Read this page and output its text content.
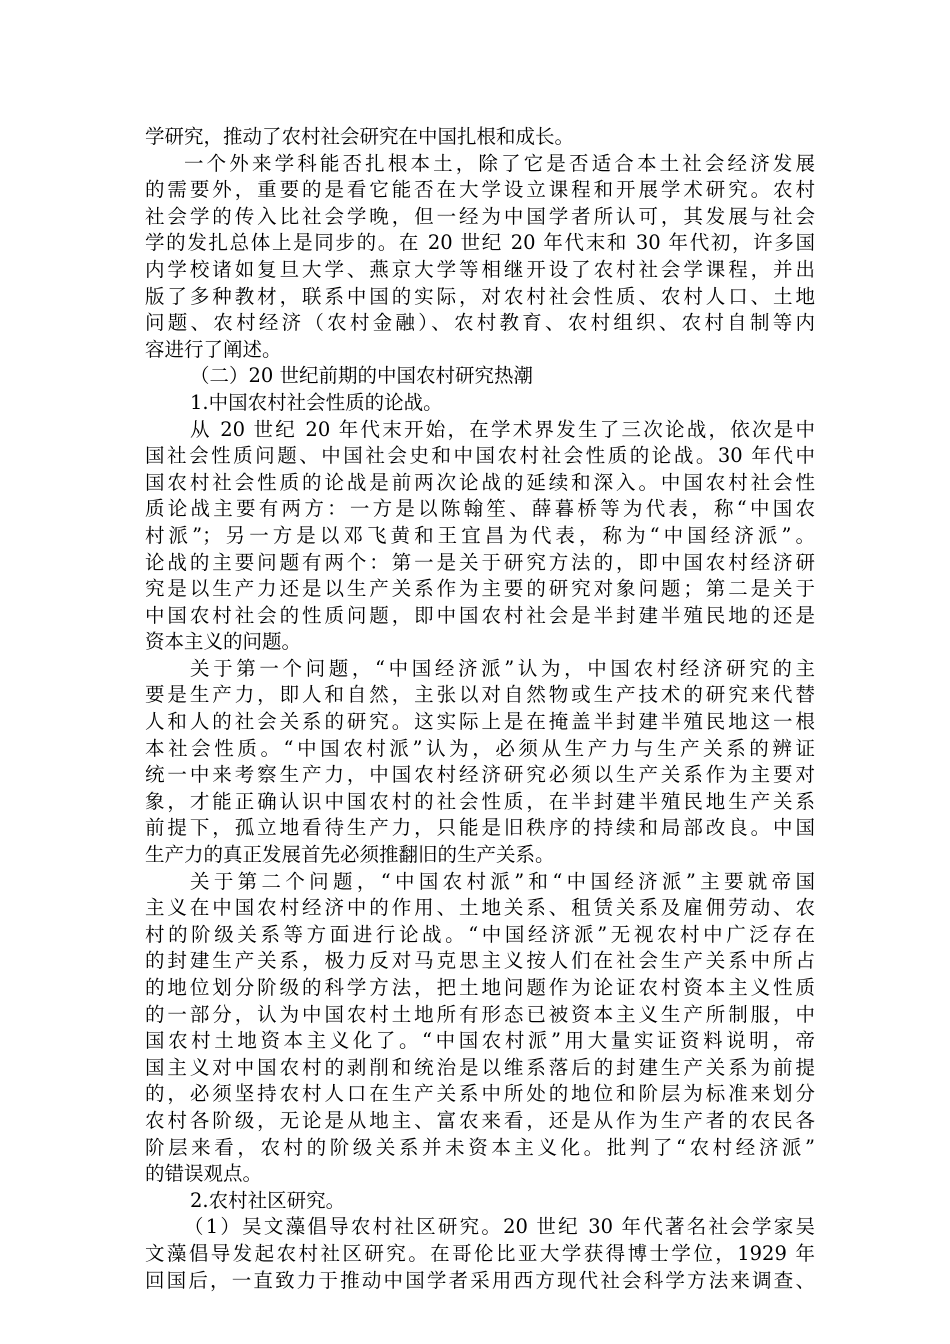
学研究，推动了农村社会研究在中国扎根和成长。
一个外来学科能否扎根本土，除了它是否适合本土社会经济发展
的需要外，重要的是看它能否在大学设立课程和开展学术研究。农村
社会学的传入比社会学晚，但一经为中国学者所认可，其发展与社会
学的发扎总体上是同步的。在 20 世纪 20 年代末和 30 年代初，许多国
内学校诸如复旦大学、燕京大学等相继开设了农村社会学课程，并出
版了多种教材，联系中国的实际，对农村社会性质、农村人口、土地
问题、农村经济（农村金融）、农村教育、农村组织、农村自制等内
容进行了阐述。
（二）20 世纪前期的中国农村研究热潮
1.中国农村社会性质的论战。
从 20 世纪 20 年代末开始，在学术界发生了三次论战，依次是中
国社会性质问题、中国社会史和中国农村社会性质的论战。30 年代中
国农村社会性质的论战是前两次论战的延续和深入。中国农村社会性
质论战主要有两方：一方是以陈翰笙、薛暮桥等为代表，称“中国农
村派”；另一方是以邓飞黄和王宜昌为代表，称为“中国经济派”。
论战的主要问题有两个：第一是关于研究方法的，即中国农村经济研
究是以生产力还是以生产关系作为主要的研究对象问题；第二是关于
中国农村社会的性质问题，即中国农村社会是半封建半殖民地的还是
资本主义的问题。
关于第一个问题，“中国经济派”认为，中国农村经济研究的主
要是生产力，即人和自然，主张以对自然物或生产技术的研究来代替
人和人的社会关系的研究。这实际上是在掩盖半封建半殖民地这一根
本社会性质。“中国农村派”认为，必须从生产力与生产关系的辨证
统一中来考察生产力，中国农村经济研究必须以生产关系作为主要对
象，才能正确认识中国农村的社会性质，在半封建半殖民地生产关系
前提下，孤立地看待生产力，只能是旧秩序的持续和局部改良。中国
生产力的真正发展首先必须推翻旧的生产关系。
关于第二个问题，“中国农村派”和“中国经济派”主要就帝国
主义在中国农村经济中的作用、土地关系、租赁关系及雇佣劳动、农
村的阶级关系等方面进行论战。“中国经济派”无视农村中广泛存在
的封建生产关系，极力反对马克思主义按人们在社会生产关系中所占
的地位划分阶级的科学方法，把土地问题作为论证农村资本主义性质
的一部分，认为中国农村土地所有形态已被资本主义生产所制服，中
国农村土地资本主义化了。“中国农村派”用大量实证资料说明，帝
国主义对中国农村的剥削和统治是以维系落后的封建生产关系为前提
的，必须坚持农村人口在生产关系中所处的地位和阶层为标准来划分
农村各阶级，无论是从地主、富农来看，还是从作为生产者的农民各
阶层来看，农村的阶级关系并未资本主义化。批判了“农村经济派”
的错误观点。
2.农村社区研究。
（1）吴文藻倡导农村社区研究。20 世纪 30 年代著名社会学家吴
文藻倡导发起农村社区研究。在哥伦比亚大学获得博士学位，1929 年
回国后，一直致力于推动中国学者采用西方现代社会科学方法来调查、
